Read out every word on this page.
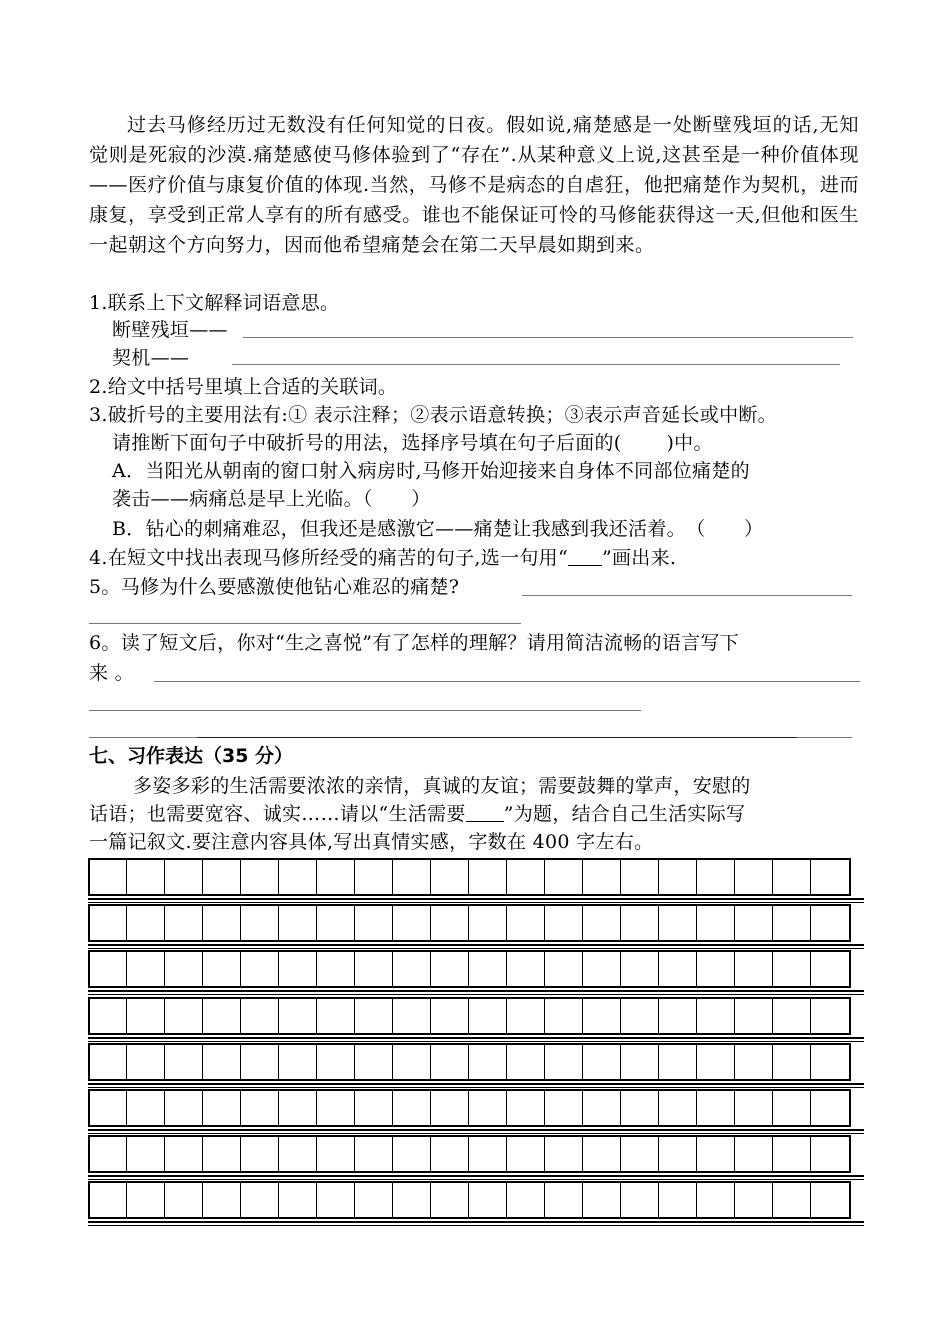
过去马修经历过无数没有任何知觉的日夜。假如说,痛楚感是一处断壁残垣的话,无知觉则是死寂的沙漠.痛楚感使马修体验到了“存在”.从某种意义上说,这甚至是一种价值体现——医疗价值与康复价值的体现.当然，马修不是病态的自虐狂，他把痛楚作为契机，进而康复，享受到正常人享有的所有感受。谁也不能保证可怜的马修能获得这一天,但他和医生一起朝这个方向努力，因而他希望痛楚会在第二天早晨如期到来。

1.联系上下文解释词语意思。
断壁残垣——
契机——
2.给文中括号里填上合适的关联词。
3.破折号的主要用法有:① 表示注释；②表示语意转换；③表示声音延长或中断。
请推断下面句子中破折号的用法，选择序号填在句子后面的(　　 )中。
A．当阳光从朝南的窗口射入病房时,马修开始迎接来自身体不同部位痛楚的
袭击——病痛总是早上光临。（　　）
B．钻心的刺痛难忍，但我还是感激它——痛楚让我感到我还活着。　（　　）
4.在短文中找出表现马修所经受的痛苦的句子,选一句用“ ”画出来.
5。马修为什么要感激使他钻心难忍的痛楚?
6。读了短文后，你对“生之喜悦”有了怎样的理解？请用简洁流畅的语言写下
来 。
七、习作表达（35 分）
多姿多彩的生活需要浓浓的亲情，真诚的友谊；需要鼓舞的掌声，安慰的
话语；也需要宽容、诚实……请以“生活需要 ”为题，结合自己生活实际写
一篇记叙文.要注意内容具体,写出真情实感，字数在 400 字左右。
